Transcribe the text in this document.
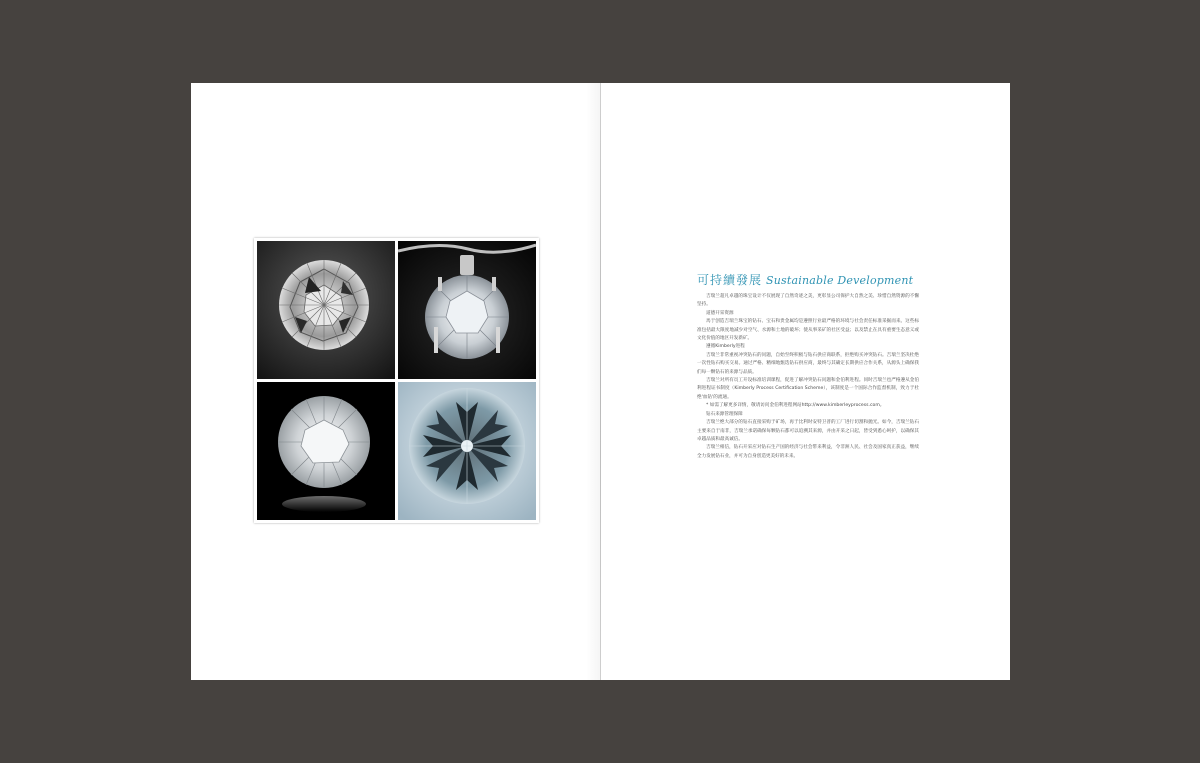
可持續發展 Sustainable Development

吉瑞兰超凡卓越的珠宝设计不仅展现了自然奇迹之美，更彰显公司保护大自然之美、珍惜自然资源的不懈坚持。

道德开采资源

馬于创造吉瑞兰珠宝的钻石、宝石和贵金属均是遵照行业最严格的环境与社会责任标准采掘而来。这些标准包括最大限度地减少对空气、水源和土地的破坏；使从事采矿的社区受益；以及禁止在具有重要生态意义或文化价值的地区开发新矿。

遵循Kimberly进程

吉瑞兰非常重视冲突钻石的问题，自始至终积极与钻石供应商联系，拒绝购买冲突钻石。吉瑞兰坚决杜绝一次性钻石购买交易。通过严格、精细地甄选钻石供应商，最终与其确定长期供应合作关系，从源头上确保我们每一颗钻石的来源与品质。

吉瑞兰对所有员工开设标准培训课程，促进了解冲突钻石问题和金伯利进程。同时吉瑞兰也严格遵从金伯利进程证书制度（Kimberly Process Certification Scheme），该制度是一个国际合作监督机制，致力于杜绝'血钻'的流通。

* 如需了解更多详情，敬请访问金伯利进程网站http://www.kimberleyprocess.com。

钻石来源管理保障

吉瑞兰绝大部分的钻石直接采购于矿场，再于比利时安特卫普的工厂进行切割和抛光。如今，吉瑞兰钻石主要来自于南非，吉瑞兰承诺确保每颗钻石都可以追溯其来源，并由开采之日起，皆受到悉心呵护，以确保其卓越品质和最高诚信。

吉瑞兰相信，钻石开采应对钻石生产国的经济与社会带来利益，令非洲人民、社会及国家真正获益，继续全力发展钻石业，并可为自身创造更美好的未来。
